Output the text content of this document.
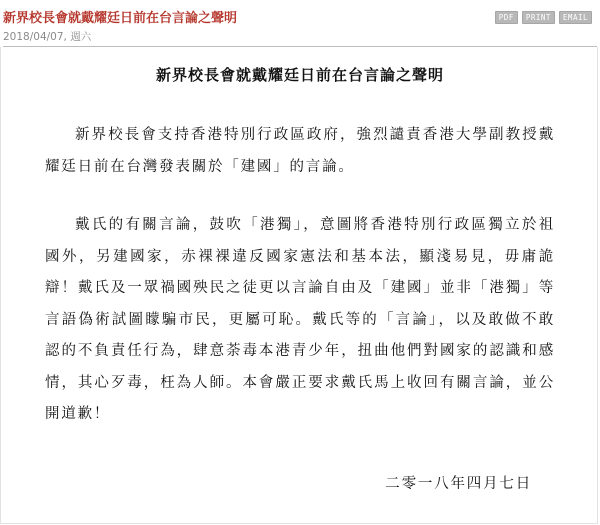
新界校長會就戴耀廷日前在台言論之聲明
2018/04/07, 週六
PDF	PRINT	EMAIL
新界校長會就戴耀廷日前在台言論之聲明
新界校長會支持香港特別行政區政府，強烈譴責香港大學副教授戴耀廷日前在台灣發表關於「建國」的言論。
戴氏的有關言論，鼓吹「港獨」，意圖將香港特別行政區獨立於祖國外，另建國家，赤裸裸違反國家憲法和基本法，顯淺易見，毋庸詭辯！戴氏及一眾禍國殃民之徒更以言論自由及「建國」並非「港獨」等言語偽術試圖矇騙市民，更屬可恥。戴氏等的「言論」，以及敢做不敢認的不負責任行為，肆意荼毒本港青少年，扭曲他們對國家的認識和感情，其心歹毒，枉為人師。本會嚴正要求戴氏馬上收回有關言論，並公開道歉！
二零一八年四月七日
